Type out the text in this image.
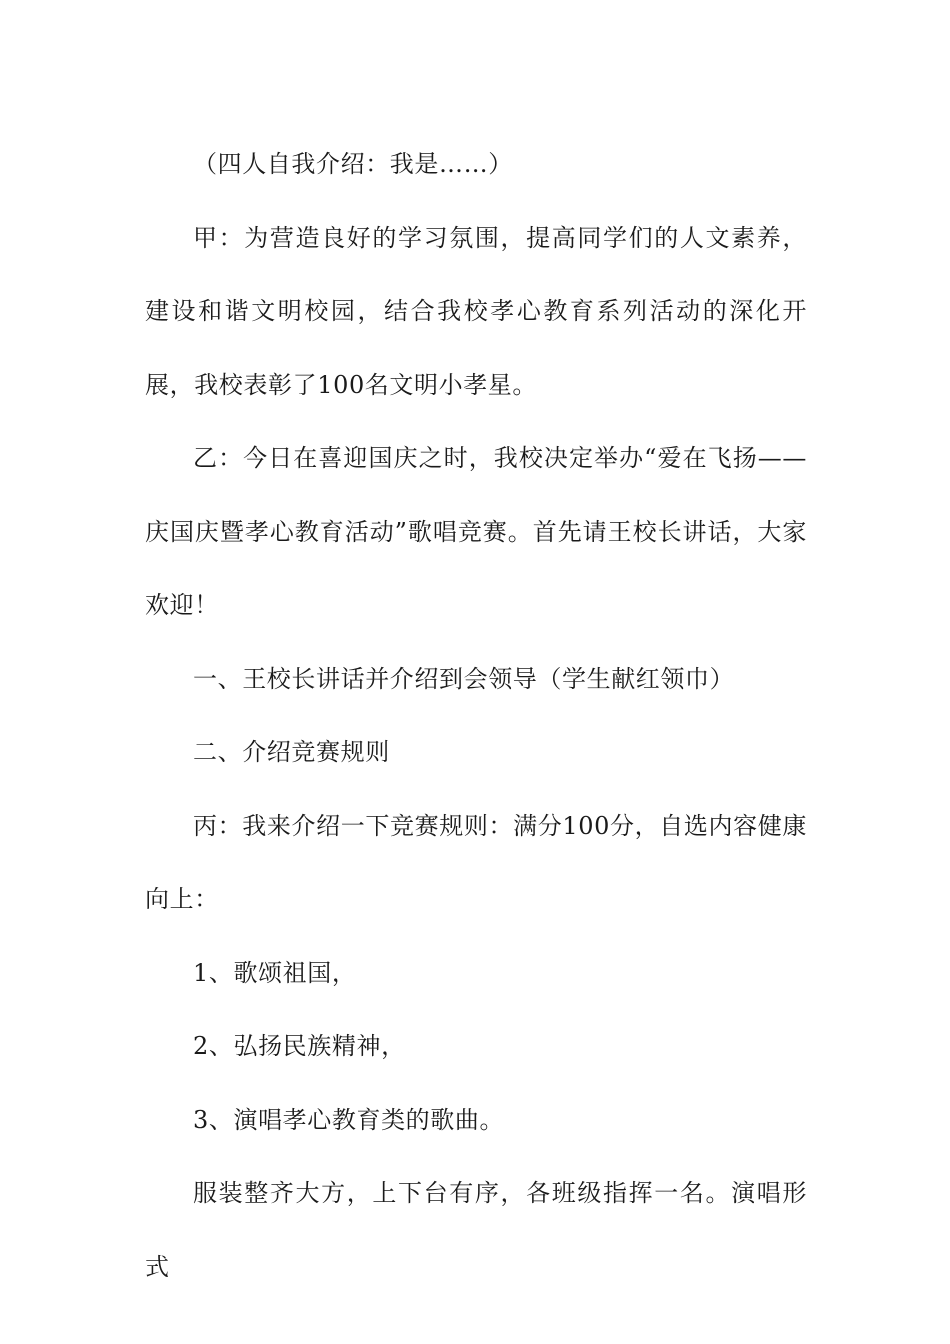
（四人自我介绍：我是……）

甲：为营造良好的学习氛围，提高同学们的人文素养，建设和谐文明校园，结合我校孝心教育系列活动的深化开展，我校表彰了100名文明小孝星。

乙：今日在喜迎国庆之时，我校决定举办“爱在飞扬——庆国庆暨孝心教育活动”歌唱竞赛。首先请王校长讲话，大家欢迎！

一、王校长讲话并介绍到会领导（学生献红领巾）

二、介绍竞赛规则

丙：我来介绍一下竞赛规则：满分100分，自选内容健康向上：

1、歌颂祖国，

2、弘扬民族精神，

3、演唱孝心教育类的歌曲。

服装整齐大方，上下台有序，各班级指挥一名。演唱形式
